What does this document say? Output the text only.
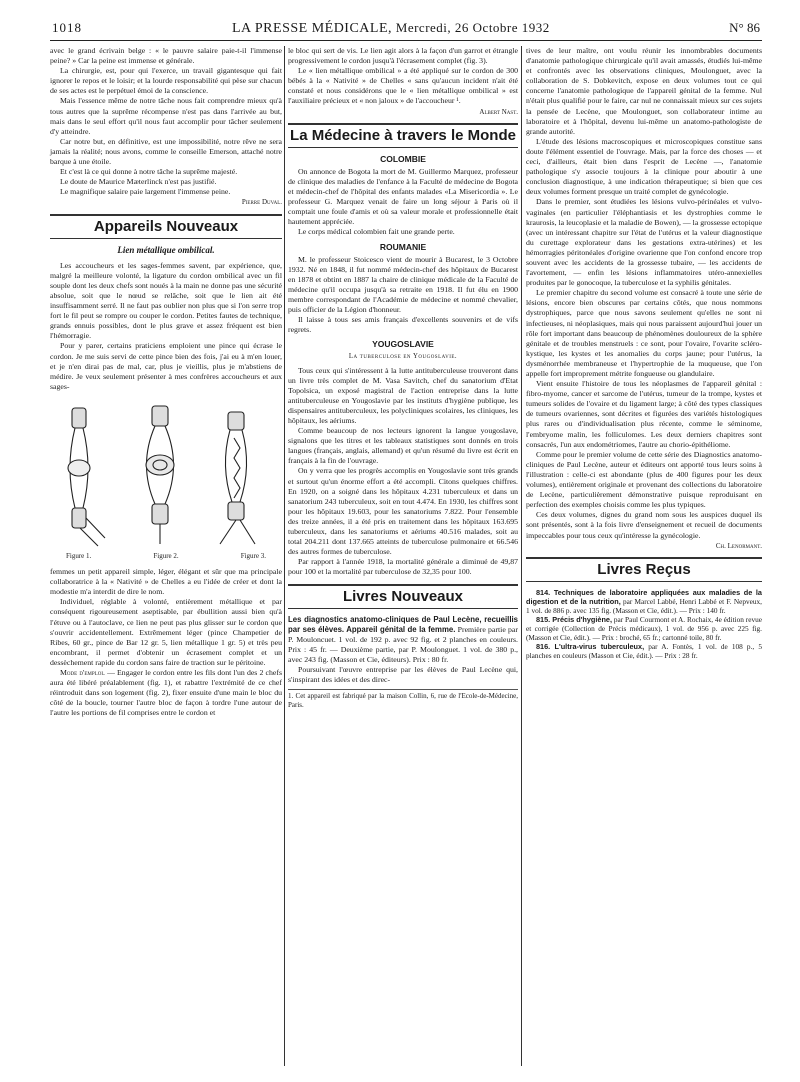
1018	LA PRESSE MÉDICALE, Mercredi, 26 Octobre 1932	N° 86

avec le grand écrivain belge : « le pauvre salaire paie-t-il l'immense peine? » Car la peine est immense et générale.

La chirurgie, est, pour qui l'exerce, un travail gigantesque qui fait ignorer le repos et le loisir; et la lourde responsabilité qui pèse sur chacun de ses actes est le perpétuel émoi de la conscience.

Mais l'essence même de notre tâche nous fait comprendre mieux qu'à tous autres que la suprême récompense n'est pas dans l'arrivée au but, mais dans le seul effort qu'il nous faut accomplir pour tâcher seulement d'y atteindre.

Car notre but, en définitive, est une impossibilité, notre rêve ne sera jamais la réalité; nous avons, comme le conseille Emerson, attaché notre barque à une étoile.

Et c'est là ce qui donne à notre tâche la suprême majesté.

Le doute de Maurice Mæterlinck n'est pas justifié.

Le magnifique salaire paie largement l'immense peine.

Pierre Duval.
Appareils Nouveaux
Lien métallique ombilical.

Les accoucheurs et les sages-femmes savent, par expérience, que, malgré la meilleure volonté, la ligature du cordon ombilical avec un fil souple dont les deux chefs sont noués à la main ne donne pas une sécurité absolue, soit que le nœud se relâche, soit que le lien ait été insuffisamment serré. Il ne faut pas oublier non plus que si l'on serre trop fort le fil peut se rompre ou couper le cordon. Petites fautes de technique, grands ennuis possibles, dont le plus grave et assez fréquent est bien l'hémorragie.

Pour y parer, certains praticiens emploient une pince qui écrase le cordon. Je me suis servi de cette pince bien des fois, j'ai eu à m'en louer, et je n'en dirai pas de mal, car, plus je vieillis, plus je m'abstiens de médire. Je veux seulement présenter à mes confrères accoucheurs et aux sages-

Figure 1.	Figure 2.	Figure 3.

femmes un petit appareil simple, léger, élégant et sûr que ma principale collaboratrice à la « Nativité » de Chelles a eu l'idée de créer et dont la modestie m'a interdit de dire le nom.

Individuel, réglable à volonté, entièrement métallique et par conséquent rigoureusement aseptisable, par ébullition aussi bien qu'à l'étuve ou à l'autoclave, ce lien ne peut pas plus glisser sur le cordon que s'ouvrir accidentellement. Extrêmement léger (pince Champetier de Ribes, 60 gr., pince de Bar 12 gr. 5, lien métallique 1 gr. 5) et très peu encombrant, il permet d'obtenir un écrasement complet et un dessèchement rapide du cordon sans faire de traction sur le péritoine.

Mode d'emploi. — Engager le cordon entre les fils dont l'un des 2 chefs aura été libéré préalablement (fig. 1), et rabattre l'extrémité de ce chef réintroduit dans son logement (fig. 2), fixer ensuite d'une main le bloc du côté de la boucle, tourner l'autre bloc de façon à tordre l'une autour de l'autre les portions de fil comprises entre le cordon et

le bloc qui sert de vis. Le lien agit alors à la façon d'un garrot et étrangle progressivement le cordon jusqu'à l'écrasement complet (fig. 3).

Le « lien métallique ombilical » a été appliqué sur le cordon de 300 bébés à la « Nativité » de Chelles « sans qu'aucun incident n'ait été constaté et nous considérons que le « lien métallique ombilical » est l'auxiliaire précieux et « non jaloux » de l'accoucheur ¹.

Albert Nast.
La Médecine à travers le Monde
COLOMBIE

On annonce de Bogota la mort de M. Guillermo Marquez, professeur de clinique des maladies de l'enfance à la Faculté de médecine de Bogota et médecin-chef de l'hôpital des enfants malades «La Misericordia ». Le professeur G. Marquez venait de faire un long séjour à Paris où il comptait une foule d'amis et où sa valeur morale et professionnelle était hautement appréciée.

Le corps médical colombien fait une grande perte.

ROUMANIE

M. le professeur Stoicesco vient de mourir à Bucarest, le 3 Octobre 1932. Né en 1848, il fut nommé médecin-chef des hôpitaux de Bucarest en 1878 et obtint en 1887 la chaire de clinique médicale de la Faculté de médecine qu'il occupa jusqu'à sa retraite en 1918. Il fut élu en 1900 membre correspondant de l'Académie de médecine et nommé chevalier, puis officier de la Légion d'honneur.

Il laisse à tous ses amis français d'excellents souvenirs et de vifs regrets.

YOUGOSLAVIE
La tuberculose en Yougoslavie.

Tous ceux qui s'intéressent à la lutte antituberculeuse trouveront dans un livre très complet de M. Vasa Savitch, chef du sanatorium d'Etat Topolsica, un exposé magistral de l'action entreprise dans la lutte antituberculeuse en Yougoslavie par les instituts d'hygiène publique, les dispensaires antituberculeux, les polycliniques scolaires, les cliniques, les hôpitaux, les aériums.

Comme beaucoup de nos lecteurs ignorent la langue yougoslave, signalons que les titres et les tableaux statistiques sont donnés en trois langues (français, anglais, allemand) et qu'un résumé du livre est écrit en français à la fin de l'ouvrage.

On y verra que les progrès accomplis en Yougoslavie sont très grands et surtout qu'un énorme effort a été accompli. Citons quelques chiffres. En 1920, on a soigné dans les hôpitaux 4.231 tuberculeux et dans un sanatorium 243 tuberculeux, soit en tout 4.474. En 1930, les chiffres sont pour les hôpitaux 19.603, pour les sanatoriums 7.822. Pour l'ensemble des treize années, il a été pris en traitement dans les hôpitaux 163.695 tuberculeux, dans les sanatoriums et aériums 40.516 malades, soit au total 204.211 dont 137.665 atteints de tuberculose pulmonaire et 66.546 des autres formes de tuberculose.

Par rapport à l'année 1918, la mortalité générale a diminué de 49,87 pour 100 et la mortalité par tuberculose de 32,35 pour 100.

Livres Nouveaux

Les diagnostics anatomo-cliniques de Paul Lecène, recueillis par ses élèves. Appareil génital de la femme. Première partie par P. Mouloncuet. 1 vol. de 192 p. avec 92 fig. et 2 planches en couleurs. Prix : 45 fr. — Deuxième partie, par P. Moulonguet. 1 vol. de 380 p., avec 243 fig. (Masson et Cie, éditeurs). Prix : 80 fr.

Poursuivant l'œuvre entreprise par les élèves de Paul Lecène qui, s'inspirant des idées et des direc-

1. Cet appareil est fabriqué par la maison Collin, 6, rue de l'Ecole-de-Médecine, Paris.

tives de leur maître, ont voulu réunir les innombrables documents d'anatomie pathologique chirurgicale qu'il avait amassés, étudiés lui-même et confrontés avec les observations cliniques, Moulonguet, avec la collaboration de S. Dobkevitch, expose en deux volumes tout ce qui concerne l'anatomie pathologique de l'appareil génital de la femme. Nul n'était plus qualifié pour le faire, car nul ne connaissait mieux sur ces sujets la pensée de Lecène, que Moulonguet, son collaborateur intime au laboratoire et à l'hôpital, devenu lui-même un anatomo-pathologiste de grande autorité.

L'étude des lésions macroscopiques et microscopiques constitue sans doute l'élément essentiel de l'ouvrage. Mais, par la force des choses — et ceci, d'ailleurs, était bien dans l'esprit de Lecène —, l'anatomie pathologique s'y associe toujours à la clinique pour aboutir à une conclusion diagnostique, à une indication thérapeutique; si bien que ces deux volumes forment presque un traité complet de gynécologie.

Dans le premier, sont étudiées les lésions vulvo-périnéales et vulvo-vaginales (en particulier l'éléphantiasis et les dystrophies comme le kraurosis, la leucoplasie et la maladie de Bowen), — la grossesse ectopique (avec un intéressant chapitre sur l'état de l'utérus et la valeur diagnostique du curettage explorateur dans les gestations extra-utérines) et les hémorragies péritonéales d'origine ovarienne que l'on confond encore trop souvent avec les accidents de la grossesse tubaire, — les accidents de l'avortement, — enfin les lésions inflammatoires utéro-annexielles produites par le gonocoque, la tuberculose et la syphilis génitales.

Le premier chapitre du second volume est consacré à toute une série de lésions, encore bien obscures par certains côtés, que nous nommons dystrophiques, parce que nous savons seulement qu'elles ne sont ni infectieuses, ni néoplasiques, mais qui nous paraissent aujourd'hui jouer un rôle fort important dans beaucoup de phénomènes douloureux de la sphère génitale et de troubles menstruels : ce sont, pour l'ovaire, l'ovarite scléro-kystique, les kystes et les anomalies du corps jaune; pour l'utérus, la dysménorrhée membraneuse et l'hypertrophie de la muqueuse, que l'on appelle fort improprement métrite fongueuse ou glandulaire.

Vient ensuite l'histoire de tous les néoplasmes de l'appareil génital : fibro-myome, cancer et sarcome de l'utérus, tumeur de la trompe, kystes et tumeurs solides de l'ovaire et du ligament large; à côté des types classiques de tumeurs ovariennes, sont décrites et figurées des variétés histologiques plus rares ou d'individualisation plus récente, comme le séminome, l'embryome malin, les folliculomes. Les deux derniers chapitres sont consacrés, l'un aux endométriomes, l'autre au chorio-épithéliome.

Comme pour le premier volume de cette série des Diagnostics anatomo-cliniques de Paul Lecène, auteur et éditeurs ont apporté tous leurs soins à l'illustration : celle-ci est abondante (plus de 400 figures pour les deux volumes), entièrement originale et provenant des collections du laboratoire de Lecène, particulièrement démonstrative puisque reproduisant en perfection des exemples choisis comme les plus typiques.

Ces deux volumes, dignes du grand nom sous les auspices duquel ils sont présentés, sont à la fois livre d'enseignement et recueil de documents impeccables pour tous ceux qu'intéresse la gynécologie.

Ch. Lenormant.
Livres Reçus

814. Techniques de laboratoire appliquées aux maladies de la digestion et de la nutrition, par Marcel Labbé, Henri Labbé et F. Nepveux, 1 vol. de 886 p. avec 135 fig. (Masson et Cie, édit.). — Prix : 140 fr.

815. Précis d'hygiène, par Paul Courmont et A. Rochaix, 4e édition revue et corrigée (Collection de Précis médicaux), 1 vol. de 956 p. avec 225 fig. (Masson et Cie, édit.). — Prix : broché, 65 fr.; cartonné toile, 80 fr.

816. L'ultra-virus tuberculeux, par A. Fontès, 1 vol. de 108 p., 5 planches en couleurs (Masson et Cie, édit.). — Prix : 28 fr.
